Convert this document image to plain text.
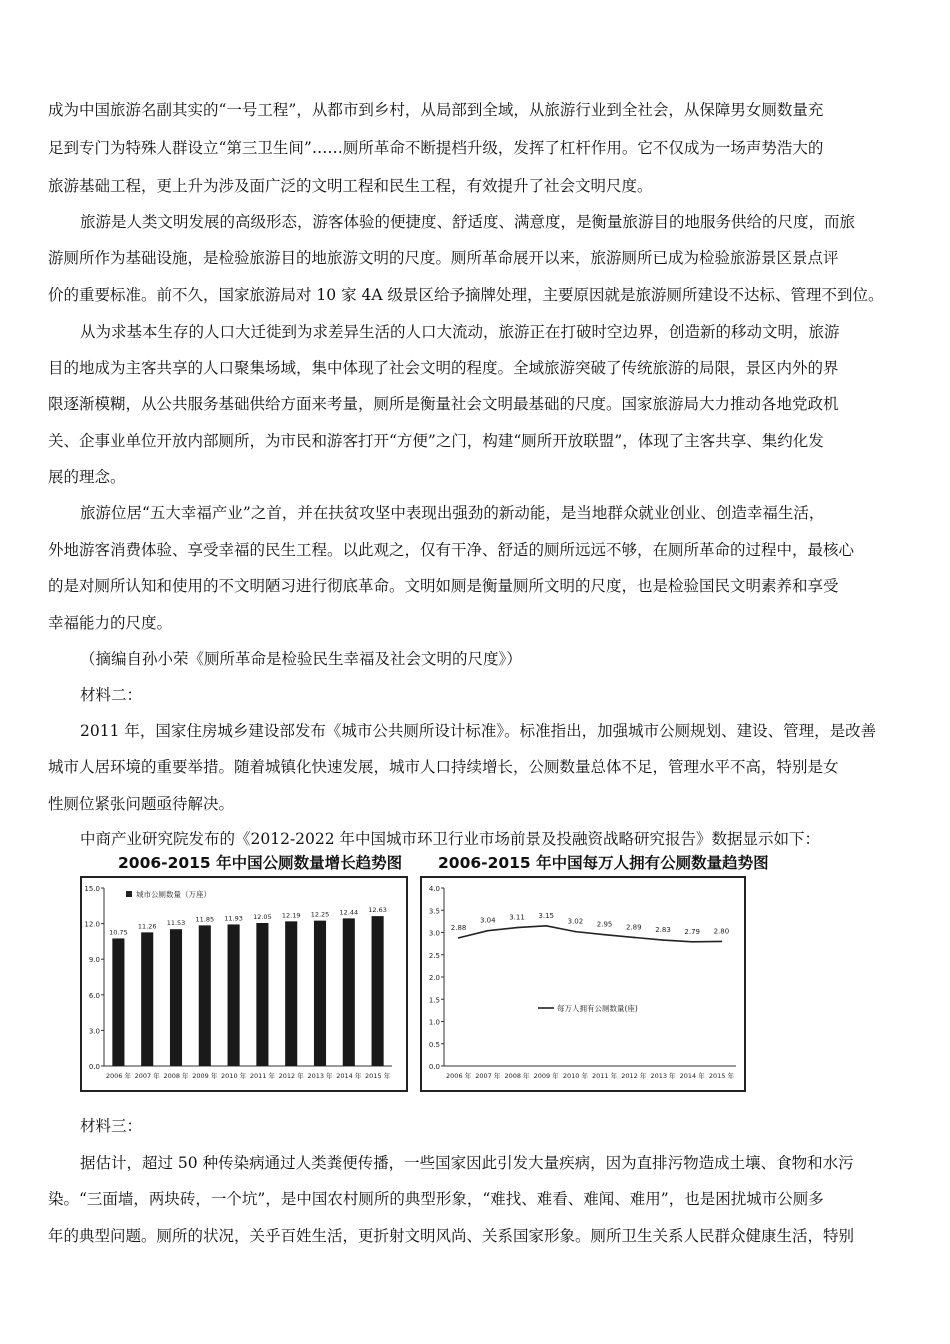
成为中国旅游名副其实的“一号工程”，从都市到乡村，从局部到全域，从旅游行业到全社会，从保障男女厕数量充
足到专门为特殊人群设立“第三卫生间”……厕所革命不断提档升级，发挥了杠杆作用。它不仅成为一场声势浩大的
旅游基础工程，更上升为涉及面广泛的文明工程和民生工程，有效提升了社会文明尺度。
旅游是人类文明发展的高级形态，游客体验的便捷度、舒适度、满意度，是衡量旅游目的地服务供给的尺度，而旅
游厕所作为基础设施，是检验旅游目的地旅游文明的尺度。厕所革命展开以来，旅游厕所已成为检验旅游景区景点评
价的重要标准。前不久，国家旅游局对 10 家 4A 级景区给予摘牌处理，主要原因就是旅游厕所建设不达标、管理不到位。
从为求基本生存的人口大迁徙到为求差异生活的人口大流动，旅游正在打破时空边界，创造新的移动文明，旅游
目的地成为主客共享的人口聚集场域，集中体现了社会文明的程度。全域旅游突破了传统旅游的局限，景区内外的界
限逐渐模糊，从公共服务基础供给方面来考量，厕所是衡量社会文明最基础的尺度。国家旅游局大力推动各地党政机
关、企事业单位开放内部厕所，为市民和游客打开“方便”之门，构建“厕所开放联盟”，体现了主客共享、集约化发
展的理念。
旅游位居“五大幸福产业”之首，并在扶贫攻坚中表现出强劲的新动能，是当地群众就业创业、创造幸福生活，
外地游客消费体验、享受幸福的民生工程。以此观之，仅有干净、舒适的厕所远远不够，在厕所革命的过程中，最核心
的是对厕所认知和使用的不文明陋习进行彻底革命。文明如厕是衡量厕所文明的尺度，也是检验国民文明素养和享受
幸福能力的尺度。
（摘编自孙小荣《厕所革命是检验民生幸福及社会文明的尺度》）
材料二：
2011 年，国家住房城乡建设部发布《城市公共厕所设计标准》。标准指出，加强城市公厕规划、建设、管理，是改善
城市人居环境的重要举措。随着城镇化快速发展，城市人口持续增长，公厕数量总体不足，管理水平不高，特别是女
性厕位紧张问题亟待解决。
中商产业研究院发布的《2012-2022 年中国城市环卫行业市场前景及投融资战略研究报告》数据显示如下：
2006-2015 年中国公厕数量增长趋势图
0.0
3.0
6.0
9.0
12.0
15.0
城市公厕数量（万座）
10.75
2006 年
11.26
2007 年
11.53
2008 年
11.85
2009 年
11.93
2010 年
12.05
2011 年
12.19
2012 年
12.25
2013 年
12.44
2014 年
12.63
2015 年
2006-2015 年中国每万人拥有公厕数量趋势图
0.0
0.5
1.0
1.5
2.0
2.5
3.0
3.5
4.0
2.88
2006 年
3.04
2007 年
3.11
2008 年
3.15
2009 年
3.02
2010 年
2.95
2011 年
2.89
2012 年
2.83
2013 年
2.79
2014 年
2.80
2015 年
每万人拥有公厕数量(座)
材料三：
据估计，超过 50 种传染病通过人类粪便传播，一些国家因此引发大量疾病，因为直排污物造成土壤、食物和水污
染。“三面墙，两块砖，一个坑”，是中国农村厕所的典型形象，“难找、难看、难闻、难用”，也是困扰城市公厕多
年的典型问题。厕所的状况，关乎百姓生活，更折射文明风尚、关系国家形象。厕所卫生关系人民群众健康生活，特别
